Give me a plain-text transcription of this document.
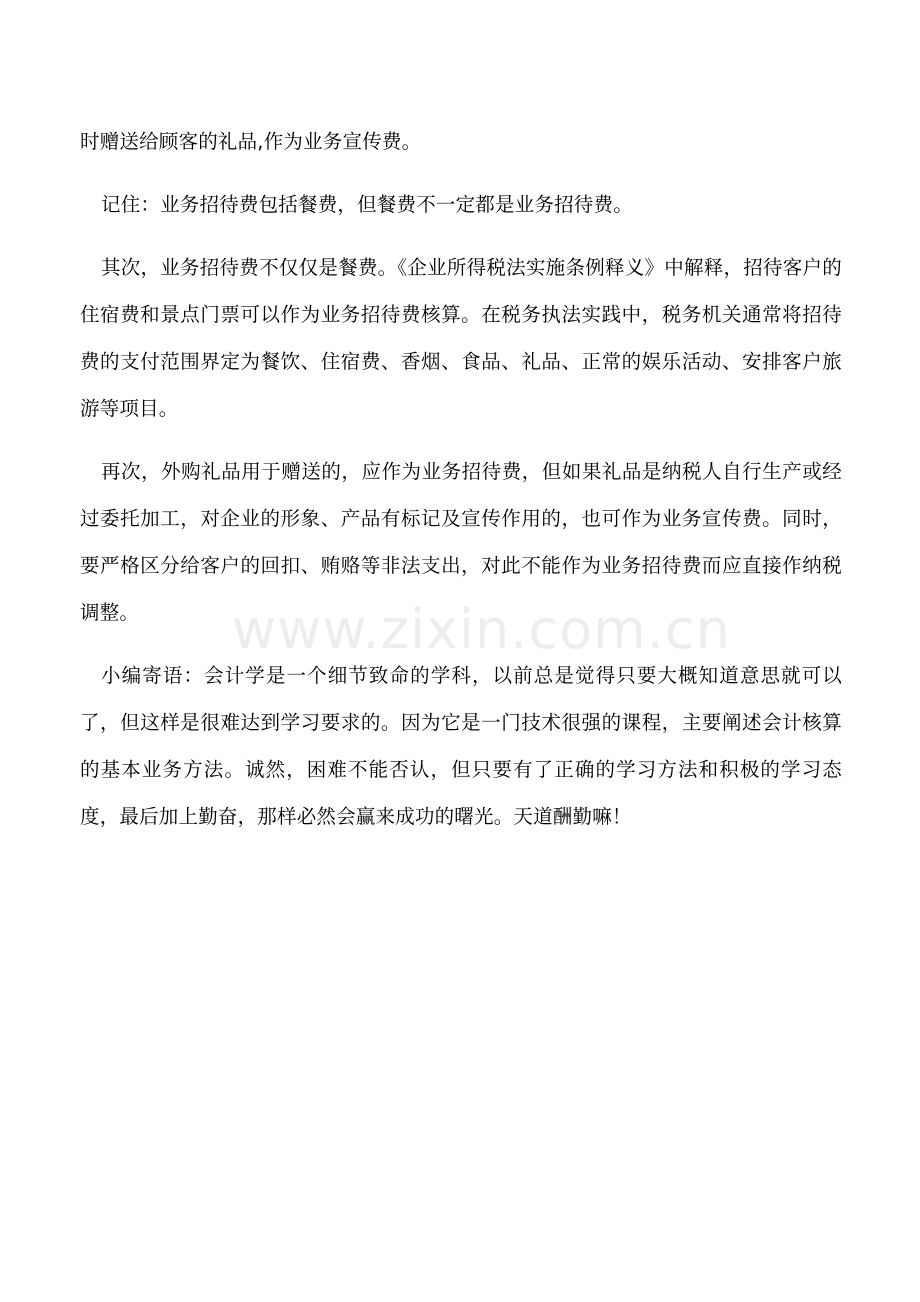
时赠送给顾客的礼品,作为业务宣传费。

记住：业务招待费包括餐费，但餐费不一定都是业务招待费。

其次，业务招待费不仅仅是餐费。《企业所得税法实施条例释义》中解释，招待客户的住宿费和景点门票可以作为业务招待费核算。在税务执法实践中，税务机关通常将招待费的支付范围界定为餐饮、住宿费、香烟、食品、礼品、正常的娱乐活动、安排客户旅游等项目。

再次，外购礼品用于赠送的，应作为业务招待费，但如果礼品是纳税人自行生产或经过委托加工，对企业的形象、产品有标记及宣传作用的，也可作为业务宣传费。同时，要严格区分给客户的回扣、贿赂等非法支出，对此不能作为业务招待费而应直接作纳税调整。

小编寄语：会计学是一个细节致命的学科，以前总是觉得只要大概知道意思就可以了，但这样是很难达到学习要求的。因为它是一门技术很强的课程，主要阐述会计核算的基本业务方法。诚然，困难不能否认，但只要有了正确的学习方法和积极的学习态度，最后加上勤奋，那样必然会赢来成功的曙光。天道酬勤嘛！

www.zixin.com.cn
